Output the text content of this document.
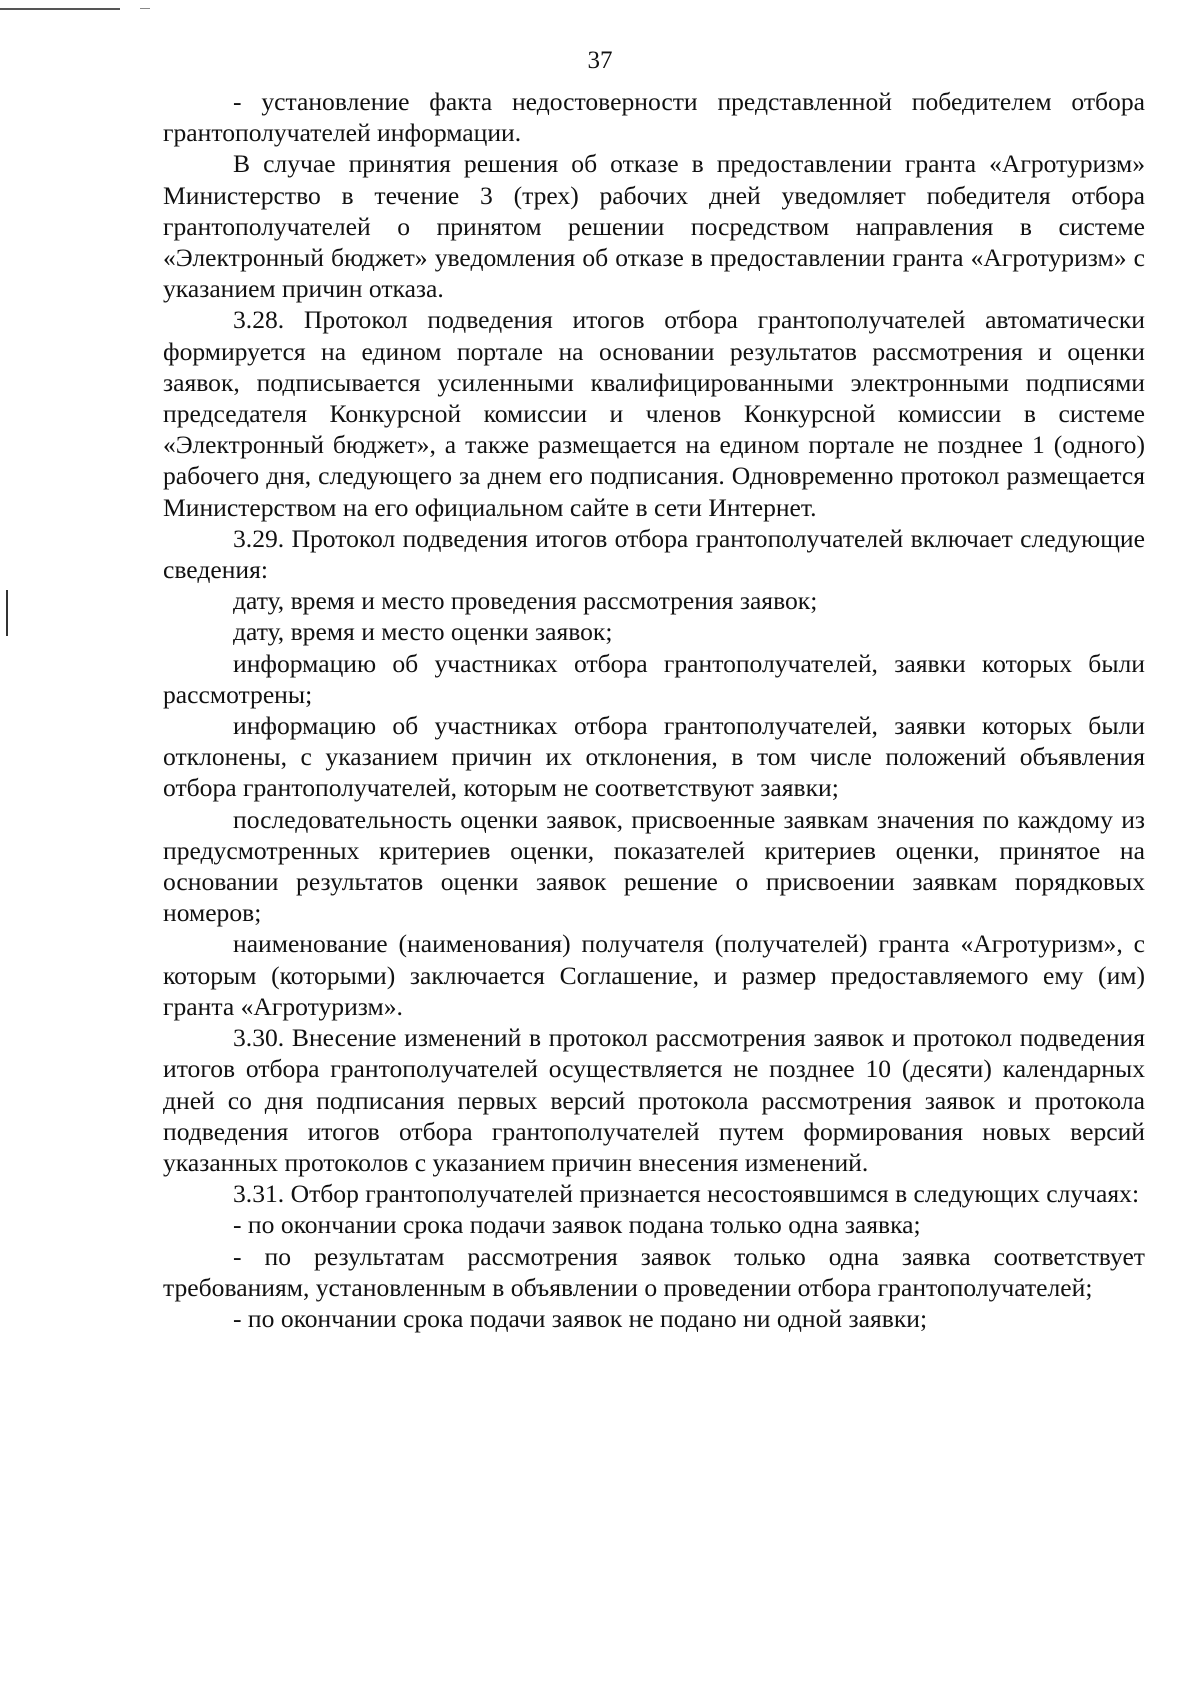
37

- установление факта недостоверности представленной победителем отбора грантополучателей информации.

В случае принятия решения об отказе в предоставлении гранта «Агротуризм» Министерство в течение 3 (трех) рабочих дней уведомляет победителя отбора грантополучателей о принятом решении посредством направления в системе «Электронный бюджет» уведомления об отказе в предоставлении гранта «Агротуризм» с указанием причин отказа.

3.28. Протокол подведения итогов отбора грантополучателей автоматически формируется на едином портале на основании результатов рассмотрения и оценки заявок, подписывается усиленными квалифицированными электронными подписями председателя Конкурсной комиссии и членов Конкурсной комиссии в системе «Электронный бюджет», а также размещается на едином портале не позднее 1 (одного) рабочего дня, следующего за днем его подписания. Одновременно протокол размещается Министерством на его официальном сайте в сети Интернет.

3.29. Протокол подведения итогов отбора грантополучателей включает следующие сведения:

дату, время и место проведения рассмотрения заявок;

дату, время и место оценки заявок;

информацию об участниках отбора грантополучателей, заявки которых были рассмотрены;

информацию об участниках отбора грантополучателей, заявки которых были отклонены, с указанием причин их отклонения, в том числе положений объявления отбора грантополучателей, которым не соответствуют заявки;

последовательность оценки заявок, присвоенные заявкам значения по каждому из предусмотренных критериев оценки, показателей критериев оценки, принятое на основании результатов оценки заявок решение о присвоении заявкам порядковых номеров;

наименование (наименования) получателя (получателей) гранта «Агротуризм», с которым (которыми) заключается Соглашение, и размер предоставляемого ему (им) гранта «Агротуризм».

3.30. Внесение изменений в протокол рассмотрения заявок и протокол подведения итогов отбора грантополучателей осуществляется не позднее 10 (десяти) календарных дней со дня подписания первых версий протокола рассмотрения заявок и протокола подведения итогов отбора грантополучателей путем формирования новых версий указанных протоколов с указанием причин внесения изменений.

3.31. Отбор грантополучателей признается несостоявшимся в следующих случаях:

- по окончании срока подачи заявок подана только одна заявка;

- по результатам рассмотрения заявок только одна заявка соответствует требованиям, установленным в объявлении о проведении отбора грантополучателей;

- по окончании срока подачи заявок не подано ни одной заявки;
